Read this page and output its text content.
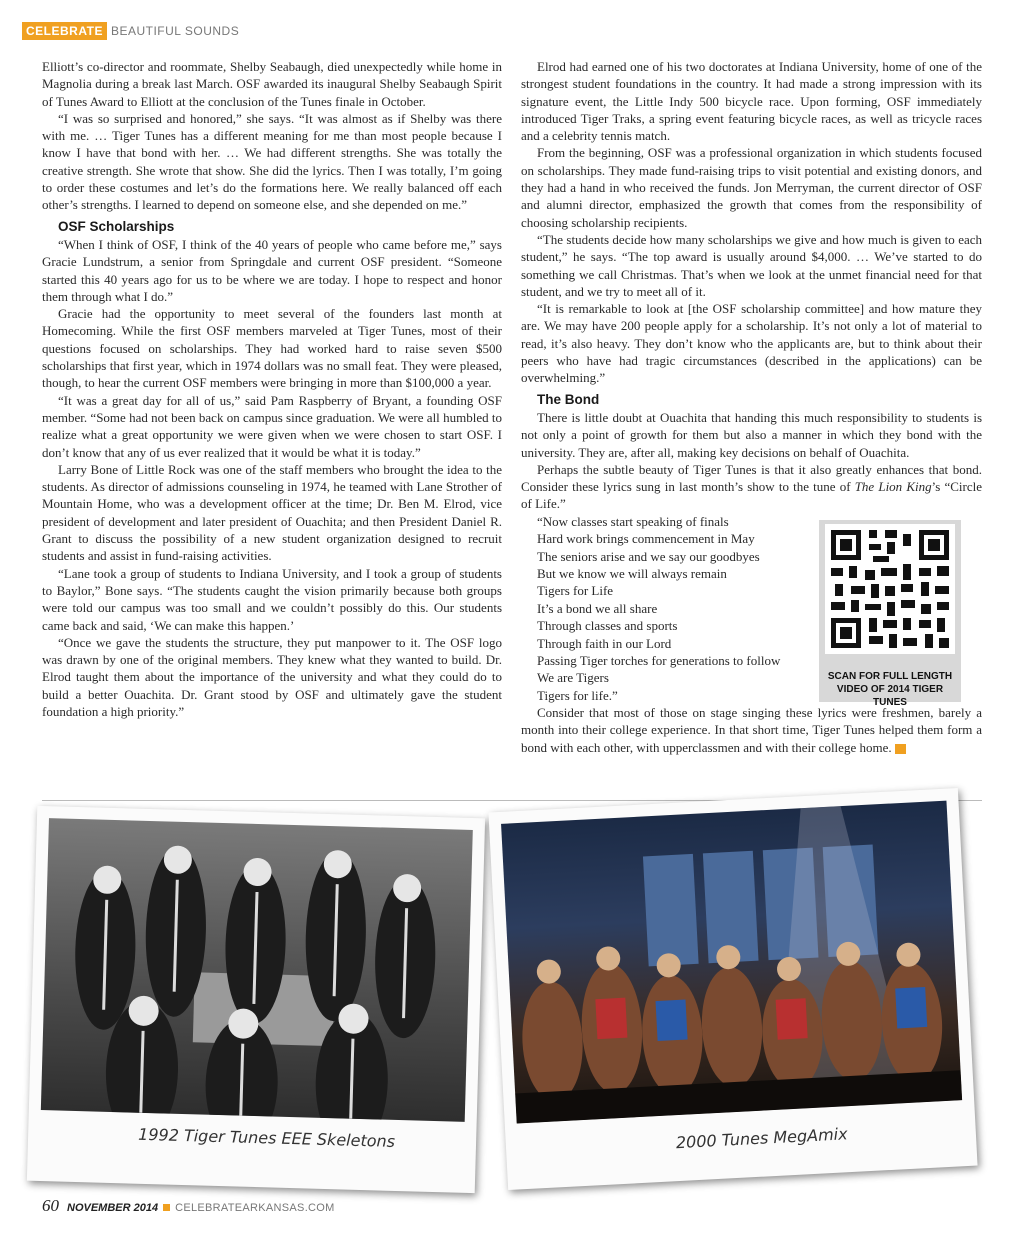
CELEBRATE BEAUTIFUL SOUNDS

Elliott’s co-director and roommate, Shelby Seabaugh, died unexpectedly while home in Magnolia during a break last March. OSF awarded its inaugural Shelby Seabaugh Spirit of Tunes Award to Elliott at the conclusion of the Tunes finale in October.

“I was so surprised and honored,” she says. “It was almost as if Shelby was there with me. … Tiger Tunes has a different meaning for me than most people because I know I have that bond with her. … We had different strengths. She was totally the creative strength. She wrote that show. She did the lyrics. Then I was totally, I’m going to order these costumes and let’s do the formations here. We really balanced off each other’s strengths. I learned to depend on someone else, and she depended on me.”

OSF Scholarships

“When I think of OSF, I think of the 40 years of people who came before me,” says Gracie Lundstrum, a senior from Springdale and current OSF president. “Someone started this 40 years ago for us to be where we are today. I hope to respect and honor them through what I do.”

Gracie had the opportunity to meet several of the founders last month at Homecoming. While the first OSF members marveled at Tiger Tunes, most of their questions focused on scholarships. They had worked hard to raise seven $500 scholarships that first year, which in 1974 dollars was no small feat. They were pleased, though, to hear the current OSF members were bringing in more than $100,000 a year.

“It was a great day for all of us,” said Pam Raspberry of Bryant, a founding OSF member. “Some had not been back on campus since graduation. We were all humbled to realize what a great opportunity we were given when we were chosen to start OSF. I don’t know that any of us ever realized that it would be what it is today.”

Larry Bone of Little Rock was one of the staff members who brought the idea to the students. As director of admissions counseling in 1974, he teamed with Lane Strother of Mountain Home, who was a development officer at the time; Dr. Ben M. Elrod, vice president of development and later president of Ouachita; and then President Daniel R. Grant to discuss the possibility of a new student organization designed to recruit students and assist in fund-raising activities.

“Lane took a group of students to Indiana University, and I took a group of students to Baylor,” Bone says. “The students caught the vision primarily because both groups were told our campus was too small and we couldn’t possibly do this. Our students came back and said, ‘We can make this happen.’

“Once we gave the students the structure, they put manpower to it. The OSF logo was drawn by one of the original members. They knew what they wanted to build. Dr. Elrod taught them about the importance of the university and what they could do to build a better Ouachita. Dr. Grant stood by OSF and ultimately gave the student foundation a high priority.”

Elrod had earned one of his two doctorates at Indiana University, home of one of the strongest student foundations in the country. It had made a strong impression with its signature event, the Little Indy 500 bicycle race. Upon forming, OSF immediately introduced Tiger Traks, a spring event featuring bicycle races, as well as tricycle races and a celebrity tennis match.

From the beginning, OSF was a professional organization in which students focused on scholarships. They made fund-raising trips to visit potential and existing donors, and they had a hand in who received the funds. Jon Merryman, the current director of OSF and alumni director, emphasized the growth that comes from the responsibility of choosing scholarship recipients.

“The students decide how many scholarships we give and how much is given to each student,” he says. “The top award is usually around $4,000. … We’ve started to do something we call Christmas. That’s when we look at the unmet financial need for that student, and we try to meet all of it.

“It is remarkable to look at [the OSF scholarship committee] and how mature they are. We may have 200 people apply for a scholarship. It’s not only a lot of material to read, it’s also heavy. They don’t know who the applicants are, but to think about their peers who have had tragic circumstances (described in the applications) can be overwhelming.”

The Bond

There is little doubt at Ouachita that handing this much responsibility to students is not only a point of growth for them but also a manner in which they bond with the university. They are, after all, making key decisions on behalf of Ouachita.

Perhaps the subtle beauty of Tiger Tunes is that it also greatly enhances that bond. Consider these lyrics sung in last month’s show to the tune of The Lion King’s “Circle of Life.”

“Now classes start speaking of finals
Hard work brings commencement in May
The seniors arise and we say our goodbyes
But we know we will always remain
Tigers for Life
It’s a bond we all share
Through classes and sports
Through faith in our Lord
Passing Tiger torches for generations to follow
We are Tigers
Tigers for life.”

Consider that most of those on stage singing these lyrics were freshmen, barely a month into their college experience. In that short time, Tiger Tunes helped them form a bond with each other, with upperclassmen and with their college home.	CI

SCAN FOR FULL LENGTH
VIDEO OF 2014 TIGER TUNES
1992 Tiger Tunes EEE Skeletons	2000 Tunes MegAmix
60 NOVEMBER 2014 CELEBRATEARKANSAS.COM
